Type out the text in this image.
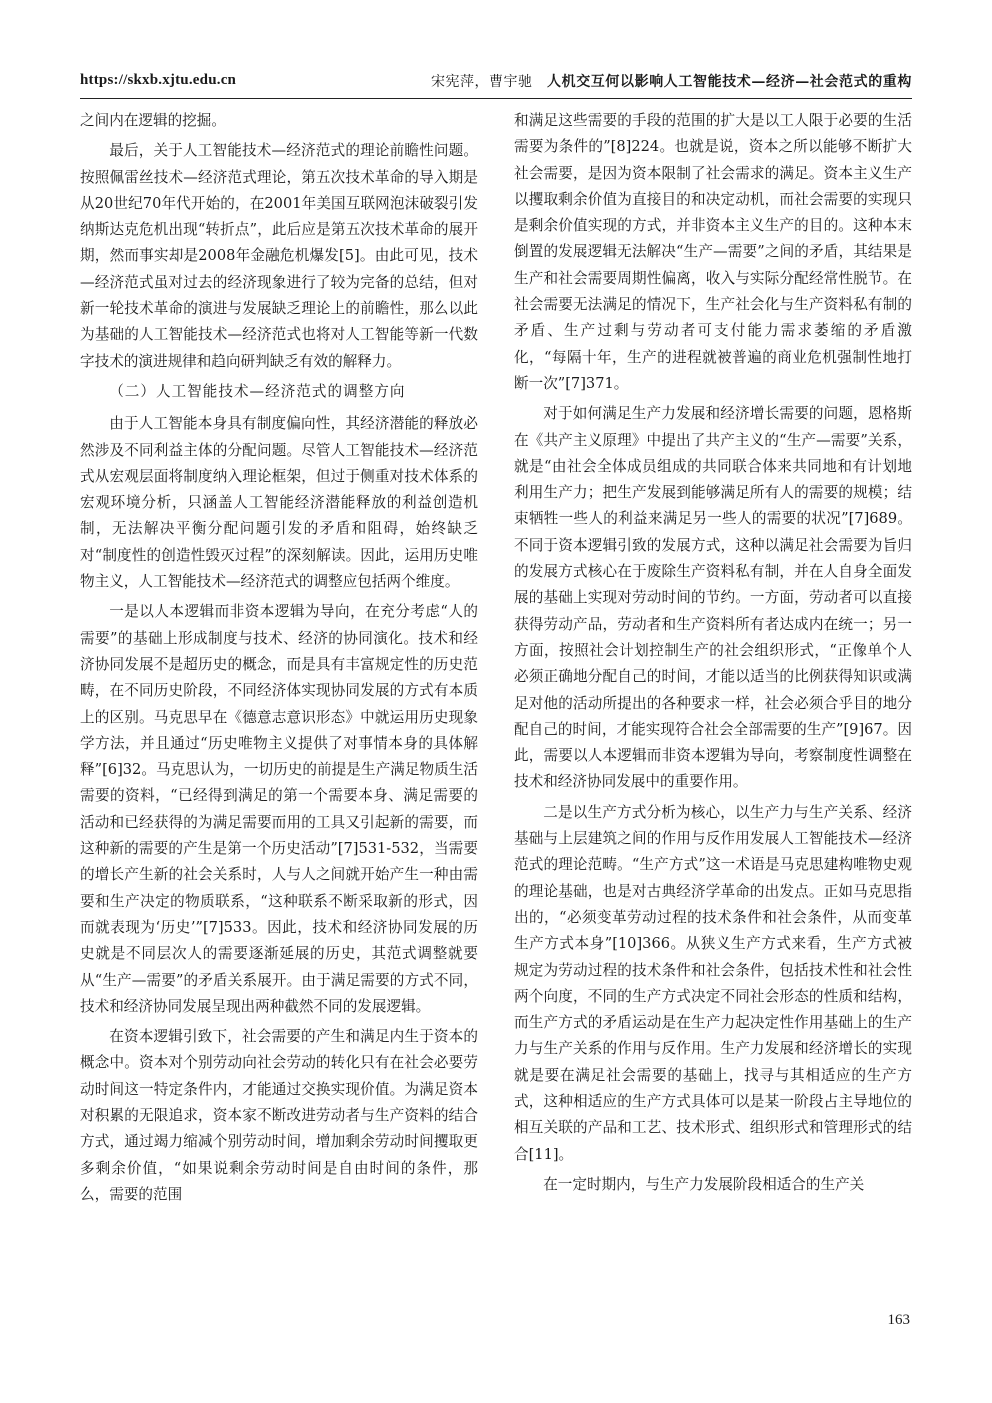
https://skxb.xjtu.edu.cn	宋宪萍，曹宇驰 人机交互何以影响人工智能技术—经济—社会范式的重构

之间内在逻辑的挖掘。

最后，关于人工智能技术—经济范式的理论前瞻性问题。按照佩雷丝技术—经济范式理论，第五次技术革命的导入期是从20世纪70年代开始的，在2001年美国互联网泡沫破裂引发纳斯达克危机出现“转折点”，此后应是第五次技术革命的展开期，然而事实却是2008年金融危机爆发[5]。由此可见，技术—经济范式虽对过去的经济现象进行了较为完备的总结，但对新一轮技术革命的演进与发展缺乏理论上的前瞻性，那么以此为基础的人工智能技术—经济范式也将对人工智能等新一代数字技术的演进规律和趋向研判缺乏有效的解释力。

（二）人工智能技术—经济范式的调整方向

由于人工智能本身具有制度偏向性，其经济潜能的释放必然涉及不同利益主体的分配问题。尽管人工智能技术—经济范式从宏观层面将制度纳入理论框架，但过于侧重对技术体系的宏观环境分析，只涵盖人工智能经济潜能释放的利益创造机制，无法解决平衡分配问题引发的矛盾和阻碍，始终缺乏对“制度性的创造性毁灭过程”的深刻解读。因此，运用历史唯物主义，人工智能技术—经济范式的调整应包括两个维度。

一是以人本逻辑而非资本逻辑为导向，在充分考虑“人的需要”的基础上形成制度与技术、经济的协同演化。技术和经济协同发展不是超历史的概念，而是具有丰富规定性的历史范畴，在不同历史阶段，不同经济体实现协同发展的方式有本质上的区别。马克思早在《德意志意识形态》中就运用历史现象学方法，并且通过“历史唯物主义提供了对事情本身的具体解释”[6]32。马克思认为，一切历史的前提是生产满足物质生活需要的资料，“已经得到满足的第一个需要本身、满足需要的活动和已经获得的为满足需要而用的工具又引起新的需要，而这种新的需要的产生是第一个历史活动”[7]531-532，当需要的增长产生新的社会关系时，人与人之间就开始产生一种由需要和生产决定的物质联系，“这种联系不断采取新的形式，因而就表现为‘历史’”[7]533。因此，技术和经济协同发展的历史就是不同层次人的需要逐渐延展的历史，其范式调整就要从“生产—需要”的矛盾关系展开。由于满足需要的方式不同，技术和经济协同发展呈现出两种截然不同的发展逻辑。

在资本逻辑引致下，社会需要的产生和满足内生于资本的概念中。资本对个别劳动向社会劳动的转化只有在社会必要劳动时间这一特定条件内，才能通过交换实现价值。为满足资本对积累的无限追求，资本家不断改进劳动者与生产资料的结合方式，通过竭力缩减个别劳动时间，增加剩余劳动时间攫取更多剩余价值，“如果说剩余劳动时间是自由时间的条件，那么，需要的范围

和满足这些需要的手段的范围的扩大是以工人限于必要的生活需要为条件的”[8]224。也就是说，资本之所以能够不断扩大社会需要，是因为资本限制了社会需求的满足。资本主义生产以攫取剩余价值为直接目的和决定动机，而社会需要的实现只是剩余价值实现的方式，并非资本主义生产的目的。这种本末倒置的发展逻辑无法解决“生产—需要”之间的矛盾，其结果是生产和社会需要周期性偏离，收入与实际分配经常性脱节。在社会需要无法满足的情况下，生产社会化与生产资料私有制的矛盾、生产过剩与劳动者可支付能力需求萎缩的矛盾激化，“每隔十年，生产的进程就被普遍的商业危机强制性地打断一次”[7]371。

对于如何满足生产力发展和经济增长需要的问题，恩格斯在《共产主义原理》中提出了共产主义的“生产—需要”关系，就是“由社会全体成员组成的共同联合体来共同地和有计划地利用生产力；把生产发展到能够满足所有人的需要的规模；结束牺牲一些人的利益来满足另一些人的需要的状况”[7]689。不同于资本逻辑引致的发展方式，这种以满足社会需要为旨归的发展方式核心在于废除生产资料私有制，并在人自身全面发展的基础上实现对劳动时间的节约。一方面，劳动者可以直接获得劳动产品，劳动者和生产资料所有者达成内在统一；另一方面，按照社会计划控制生产的社会组织形式，“正像单个人必须正确地分配自己的时间，才能以适当的比例获得知识或满足对他的活动所提出的各种要求一样，社会必须合乎目的地分配自己的时间，才能实现符合社会全部需要的生产”[9]67。因此，需要以人本逻辑而非资本逻辑为导向，考察制度性调整在技术和经济协同发展中的重要作用。

二是以生产方式分析为核心，以生产力与生产关系、经济基础与上层建筑之间的作用与反作用发展人工智能技术—经济范式的理论范畴。“生产方式”这一术语是马克思建构唯物史观的理论基础，也是对古典经济学革命的出发点。正如马克思指出的，“必须变革劳动过程的技术条件和社会条件，从而变革生产方式本身”[10]366。从狭义生产方式来看，生产方式被规定为劳动过程的技术条件和社会条件，包括技术性和社会性两个向度，不同的生产方式决定不同社会形态的性质和结构，而生产方式的矛盾运动是在生产力起决定性作用基础上的生产力与生产关系的作用与反作用。生产力发展和经济增长的实现就是要在满足社会需要的基础上，找寻与其相适应的生产方式，这种相适应的生产方式具体可以是某一阶段占主导地位的相互关联的产品和工艺、技术形式、组织形式和管理形式的结合[11]。

在一定时期内，与生产力发展阶段相适合的生产关

163
